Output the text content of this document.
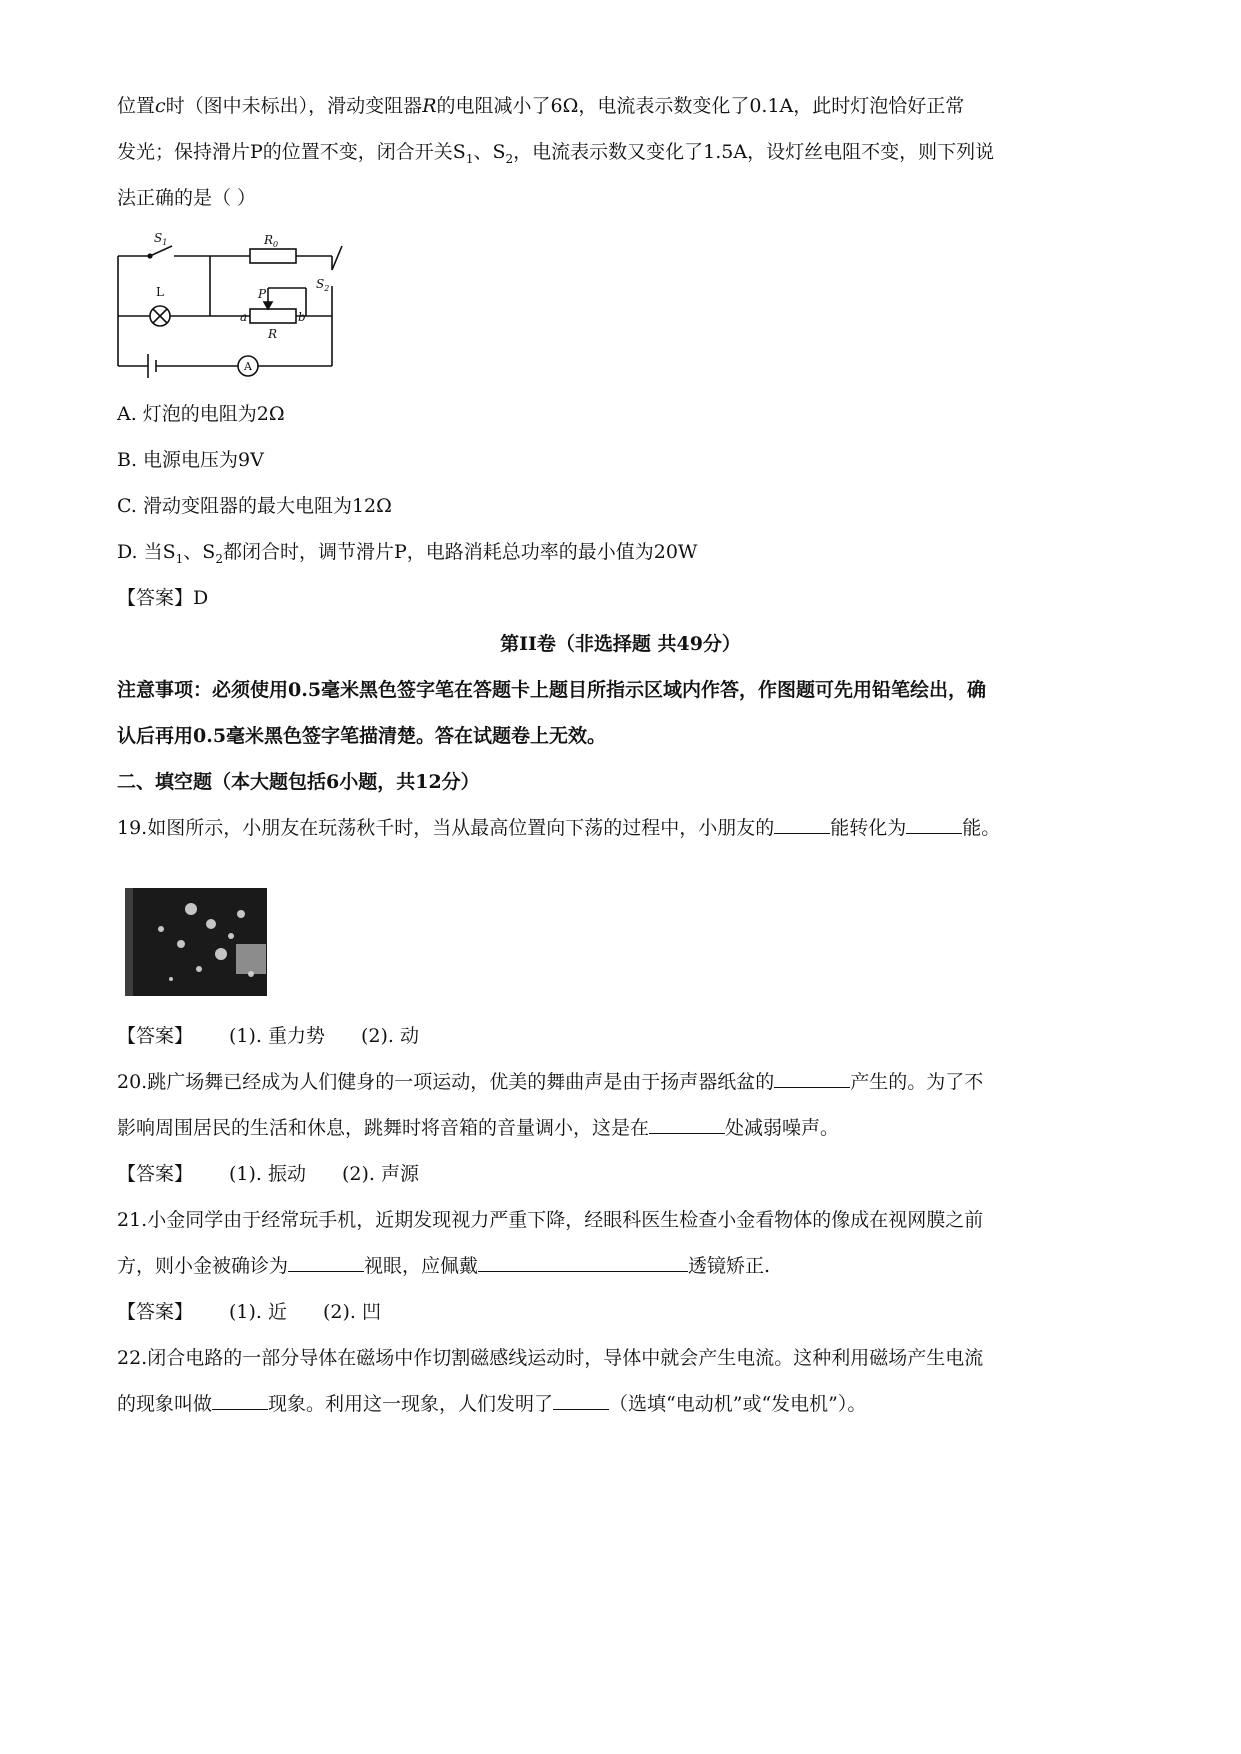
位置c时（图中未标出），滑动变阻器R的电阻减小了6Ω，电流表示数变化了0.1A，此时灯泡恰好正常
发光；保持滑片P的位置不变，闭合开关$S_1$、$S_2$，电流表示数又变化了1.5A，设灯丝电阻不变，则下列说
法正确的是（ ）
$S_1$	$R_0$
$S_2$
L	P
a
R
b
A
A. 灯泡的电阻为2Ω
B. 电源电压为9V
C. 滑动变阻器的最大电阻为12Ω
D. 当$S_1$、$S_2$都闭合时，调节滑片P，电路消耗总功率的最小值为20W
【答案】D
第II卷（非选择题 共49分）
注意事项：必须使用0.5毫米黑色签字笔在答题卡上题目所指示区域内作答，作图题可先用铅笔绘出，确
认后再用0.5毫米黑色签字笔描清楚。答在试题卷上无效。
二、填空题（本大题包括6小题，共12分）
19.如图所示，小朋友在玩荡秋千时，当从最高位置向下荡的过程中，小朋友的	能转化为	能。
【答案】 (1). 重力势 (2). 动
20.跳广场舞已经成为人们健身的一项运动，优美的舞曲声是由于扬声器纸盆的	产生的。为了不
影响周围居民的生活和休息，跳舞时将音箱的音量调小，这是在	处减弱噪声。
【答案】 (1). 振动 (2). 声源
21.小金同学由于经常玩手机，近期发现视力严重下降，经眼科医生检查小金看物体的像成在视网膜之前
方，则小金被确诊为	视眼，应佩戴	透镜矫正.
【答案】 (1). 近 (2). 凹
22.闭合电路的一部分导体在磁场中作切割磁感线运动时，导体中就会产生电流。这种利用磁场产生电流
的现象叫做	现象。利用这一现象，人们发明了	（选填“电动机”或“发电机”）。
